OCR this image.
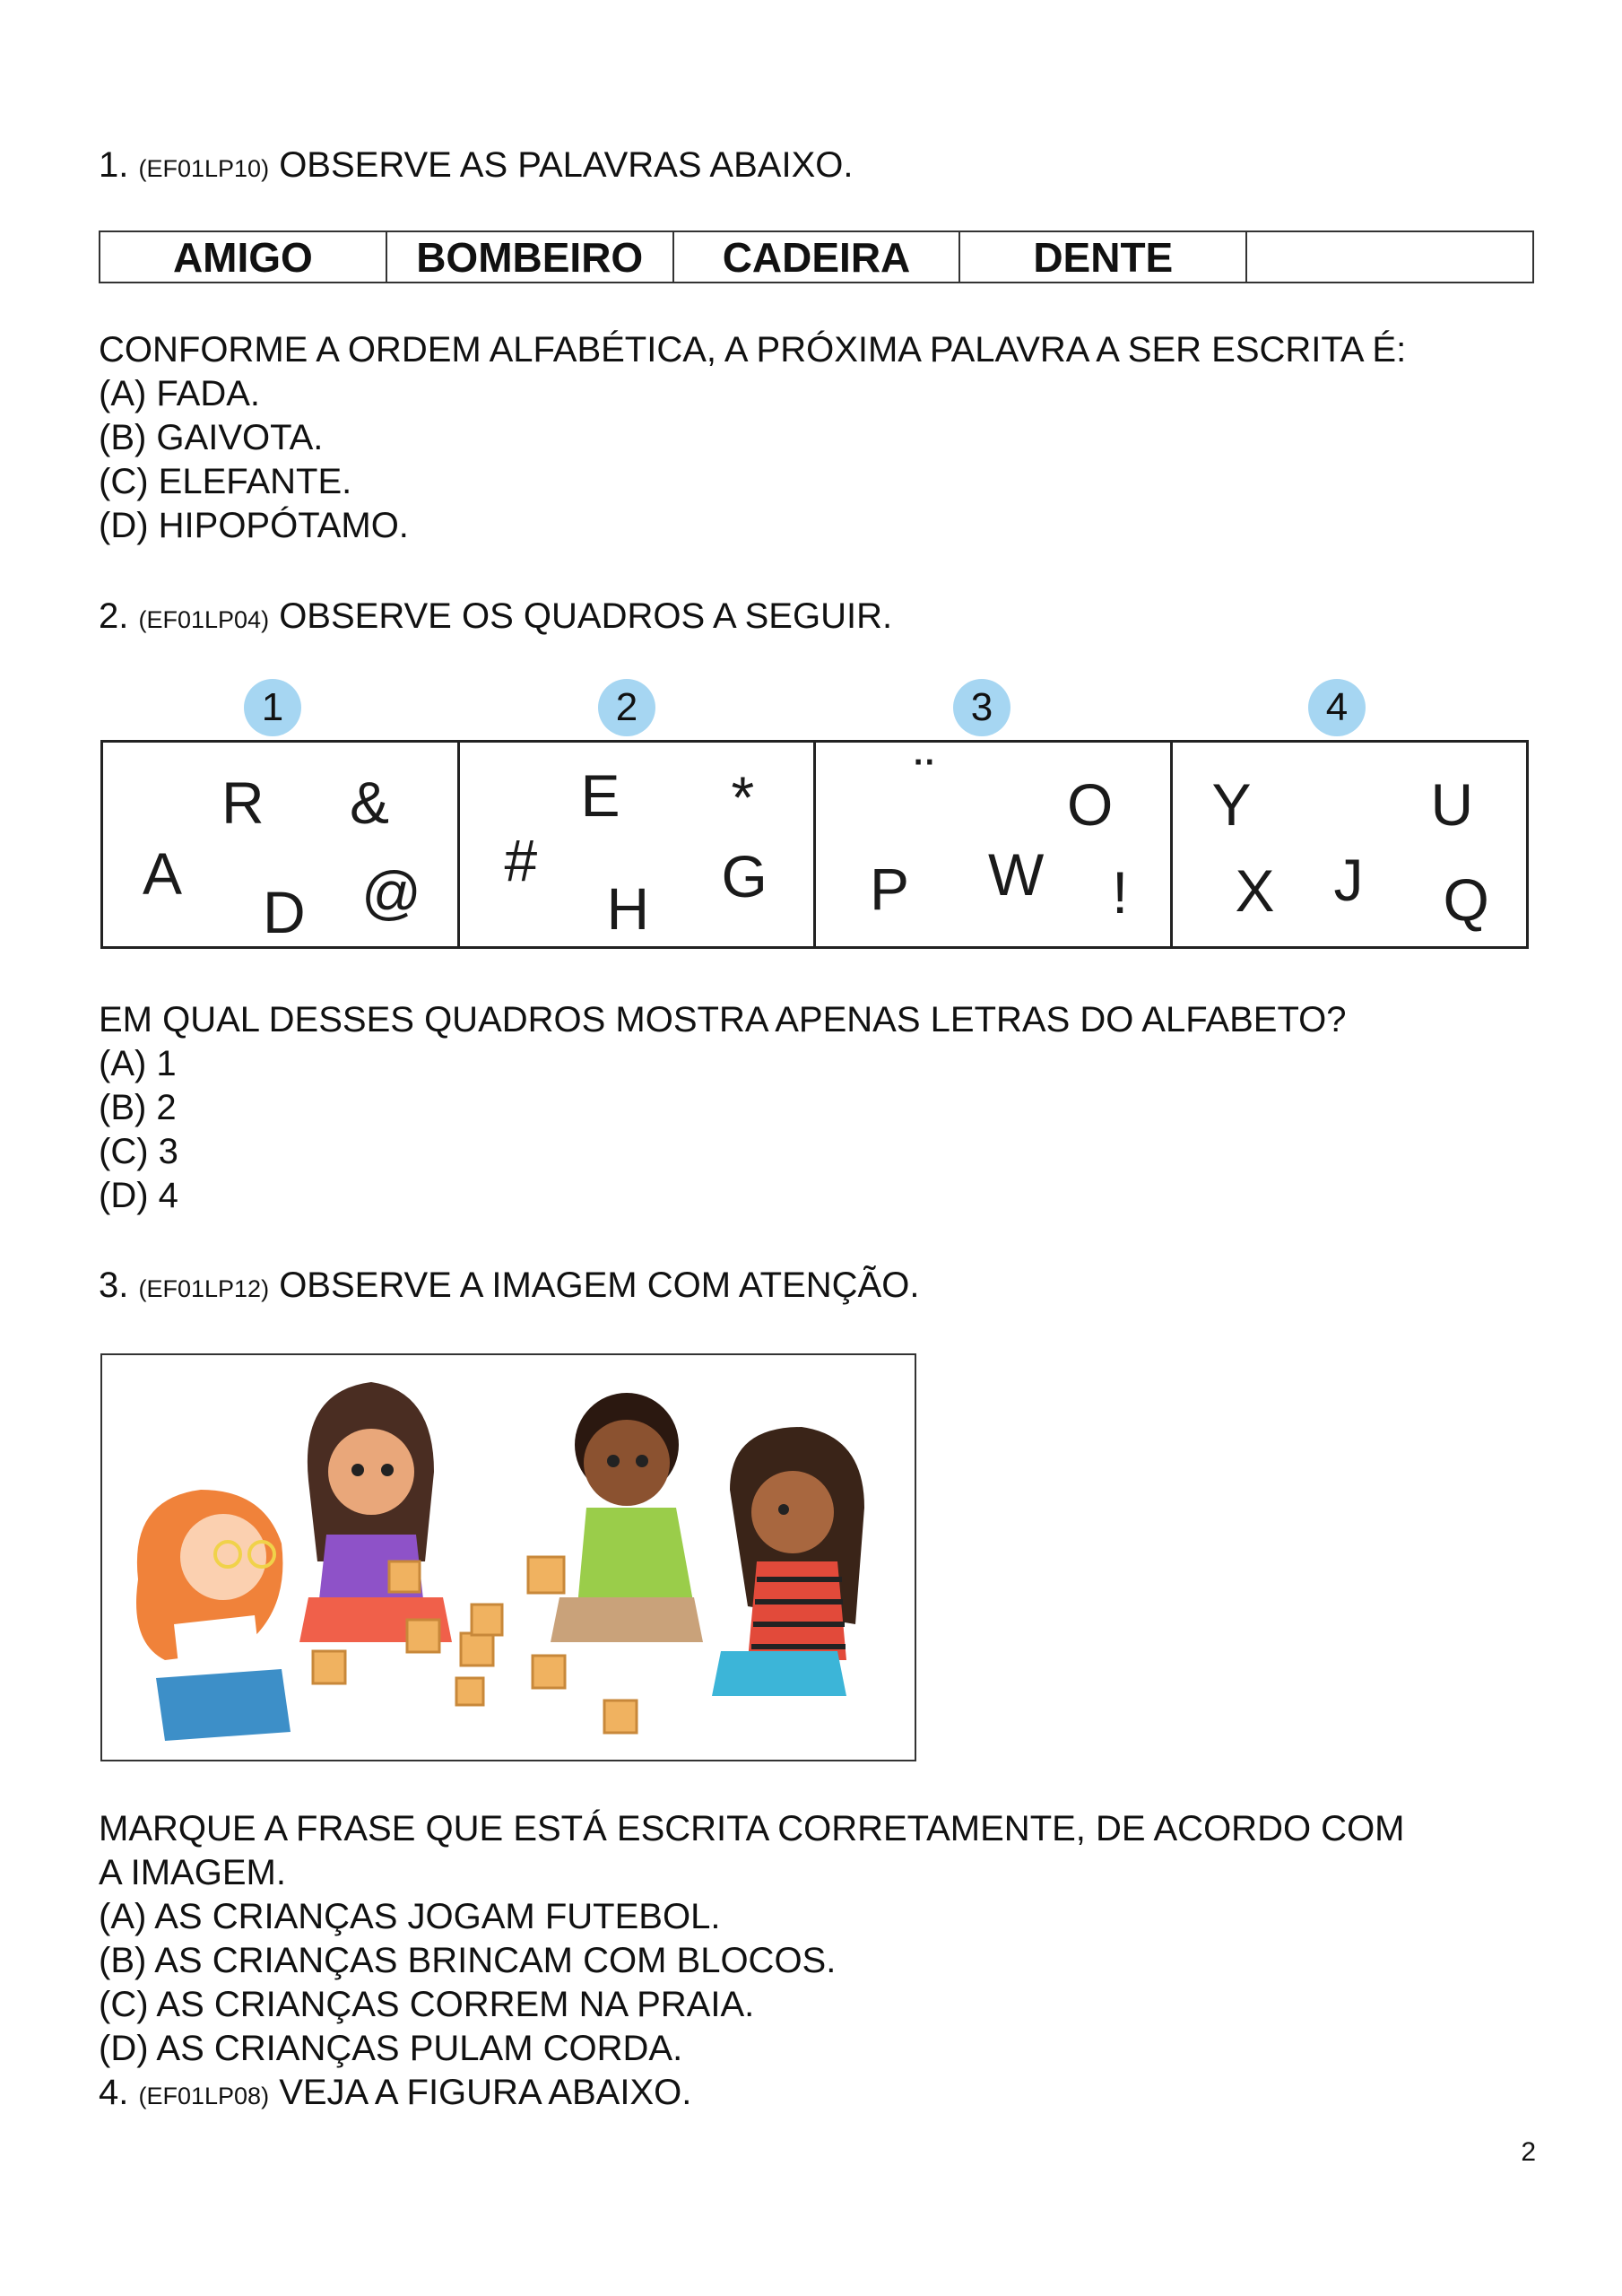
1. (EF01LP10) OBSERVE AS PALAVRAS ABAIXO.
AMIGO	BOMBEIRO	CADEIRA	DENTE
CONFORME A ORDEM ALFABÉTICA, A PRÓXIMA PALAVRA A SER ESCRITA É:
(A) FADA.
(B) GAIVOTA.
(C) ELEFANTE.
(D) HIPOPÓTAMO.
2. (EF01LP04) OBSERVE OS QUADROS A SEGUIR.
1	2	3	4
R &
A
D @
E *
#
H G
¨ O
P W !
Y	U
X J Q
EM QUAL DESSES QUADROS MOSTRA APENAS LETRAS DO ALFABETO?
(A) 1
(B) 2
(C) 3
(D) 4
3. (EF01LP12) OBSERVE A IMAGEM COM ATENÇÃO.
MARQUE A FRASE QUE ESTÁ ESCRITA CORRETAMENTE, DE ACORDO COM
A IMAGEM.
(A) AS CRIANÇAS JOGAM FUTEBOL.
(B) AS CRIANÇAS BRINCAM COM BLOCOS.
(C) AS CRIANÇAS CORREM NA PRAIA.
(D) AS CRIANÇAS PULAM CORDA.
4. (EF01LP08) VEJA A FIGURA ABAIXO.
2
